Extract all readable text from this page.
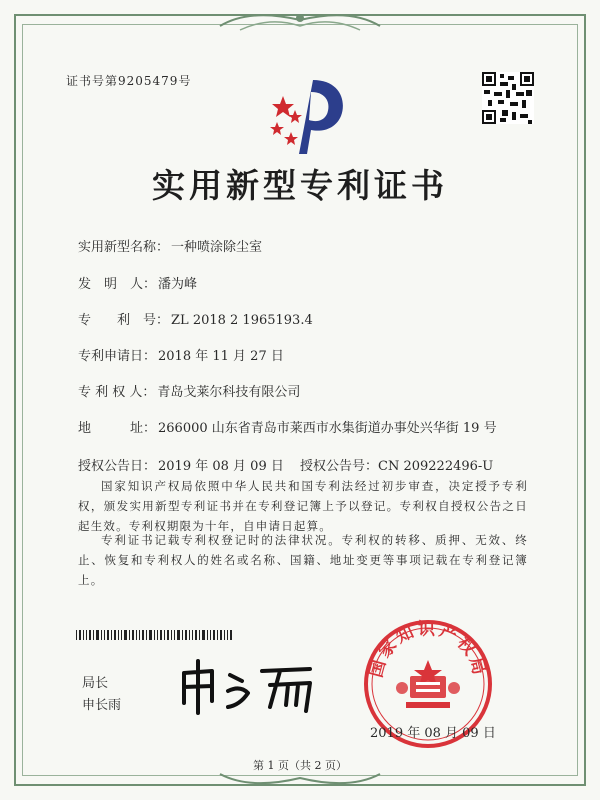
证书号第9205479号
实用新型专利证书
实用新型名称： 一种喷涂除尘室
发　明　人： 潘为峰
专　　利　号： ZL 2018 2 1965193.4
专利申请日： 2018 年 11 月 27 日
专 利 权 人： 青岛戈莱尔科技有限公司
地　　　址： 266000 山东省青岛市莱西市水集街道办事处兴华街 19 号
授权公告日： 2019 年 08 月 09 日 授权公告号：CN 209222496-U
国家知识产权局依照中华人民共和国专利法经过初步审查，决定授予专利权，颁发实用新型专利证书并在专利登记簿上予以登记。专利权自授权公告之日起生效。专利权期限为十年，自申请日起算。
专利证书记载专利权登记时的法律状况。专利权的转移、质押、无效、终止、恢复和专利权人的姓名或名称、国籍、地址变更等事项记载在专利登记簿上。
局长
申长雨
国家知识产权局
2019 年 08 月 09 日
第 1 页（共 2 页）
